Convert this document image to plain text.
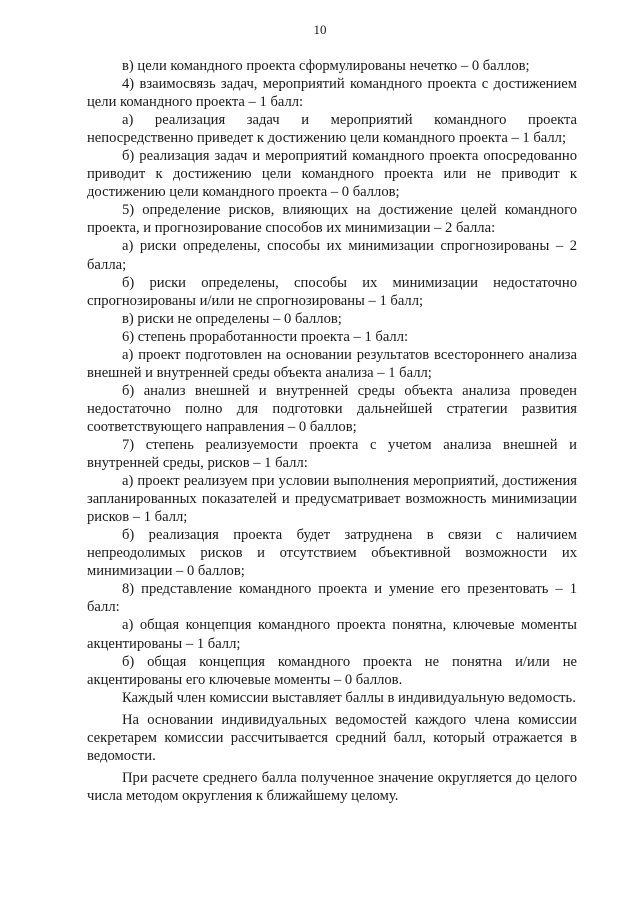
10

в) цели командного проекта сформулированы нечетко – 0 баллов;

4) взаимосвязь задач, мероприятий командного проекта с достижением цели командного проекта – 1 балл:

а) реализация задач и мероприятий командного проекта непосредственно приведет к достижению цели командного проекта – 1 балл;

б) реализация задач и мероприятий командного проекта опосредованно приводит к достижению цели командного проекта или не приводит к достижению цели командного проекта – 0 баллов;

5) определение рисков, влияющих на достижение целей командного проекта, и прогнозирование способов их минимизации – 2 балла:

а) риски определены, способы их минимизации спрогнозированы – 2 балла;

б) риски определены, способы их минимизации недостаточно спрогнозированы и/или не спрогнозированы – 1 балл;

в) риски не определены – 0 баллов;

6) степень проработанности проекта – 1 балл:

а) проект подготовлен на основании результатов всестороннего анализа внешней и внутренней среды объекта анализа – 1 балл;

б) анализ внешней и внутренней среды объекта анализа проведен недостаточно полно для подготовки дальнейшей стратегии развития соответствующего направления – 0 баллов;

7) степень реализуемости проекта с учетом анализа внешней и внутренней среды, рисков – 1 балл:

а) проект реализуем при условии выполнения мероприятий, достижения запланированных показателей и предусматривает возможность минимизации рисков – 1 балл;

б) реализация проекта будет затруднена в связи с наличием непреодолимых рисков и отсутствием объективной возможности их минимизации – 0 баллов;

8) представление командного проекта и умение его презентовать – 1 балл:

а) общая концепция командного проекта понятна, ключевые моменты акцентированы – 1 балл;

б) общая концепция командного проекта не понятна и/или не акцентированы его ключевые моменты – 0 баллов.

Каждый член комиссии выставляет баллы в индивидуальную ведомость.

На основании индивидуальных ведомостей каждого члена комиссии секретарем комиссии рассчитывается средний балл, который отражается в ведомости.

При расчете среднего балла полученное значение округляется до целого числа методом округления к ближайшему целому.
